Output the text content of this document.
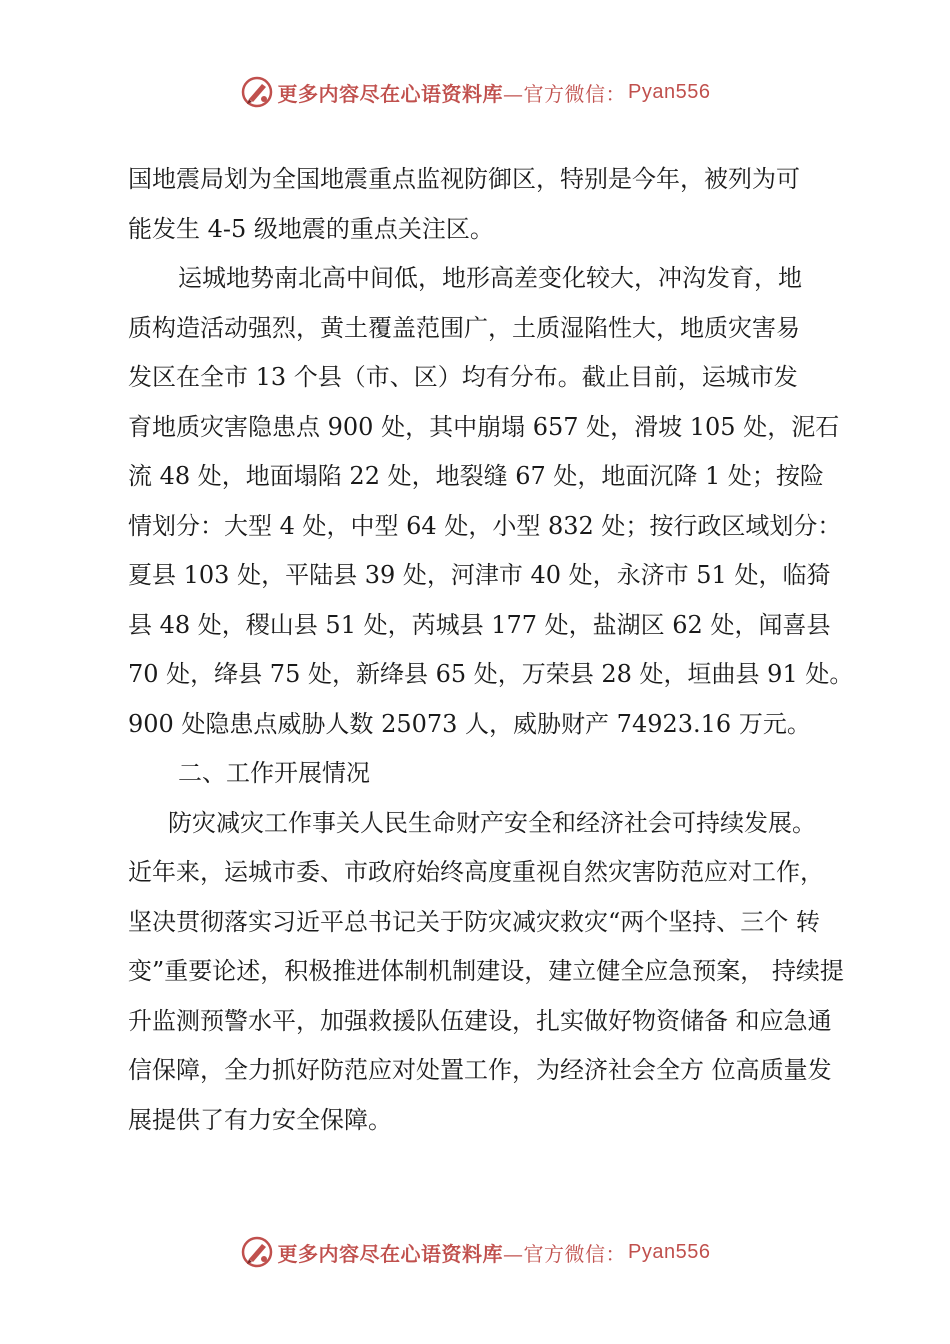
更多内容尽在心语资料库 —官方微信： Pyan556
国地震局划为全国地震重点监视防御区，特别是今年，被列为可
能发生 4-5 级地震的重点关注区。
运城地势南北高中间低，地形高差变化较大，冲沟发育，地
质构造活动强烈，黄土覆盖范围广，土质湿陷性大，地质灾害易
发区在全市 13 个县（市、区）均有分布。截止目前，运城市发
育地质灾害隐患点 900 处，其中崩塌 657 处，滑坡 105 处，泥石
流 48 处，地面塌陷 22 处，地裂缝 67 处，地面沉降 1 处；按险
情划分：大型 4 处，中型 64 处，小型 832 处；按行政区域划分：
夏县 103 处，平陆县 39 处，河津市 40 处，永济市 51 处，临猗
县 48 处，稷山县 51 处，芮城县 177 处，盐湖区 62 处，闻喜县
70 处，绛县 75 处，新绛县 65 处，万荣县 28 处，垣曲县 91 处。
900 处隐患点威胁人数 25073 人，威胁财产 74923.16 万元。
二、工作开展情况
防灾减灾工作事关人民生命财产安全和经济社会可持续发展。
近年来，运城市委、市政府始终高度重视自然灾害防范应对工作，
坚决贯彻落实习近平总书记关于防灾减灾救灾“两个坚持、三个 转
变”重要论述，积极推进体制机制建设，建立健全应急预案， 持续提
升监测预警水平，加强救援队伍建设，扎实做好物资储备 和应急通
信保障，全力抓好防范应对处置工作，为经济社会全方 位高质量发
展提供了有力安全保障。
更多内容尽在心语资料库 —官方微信： Pyan556
